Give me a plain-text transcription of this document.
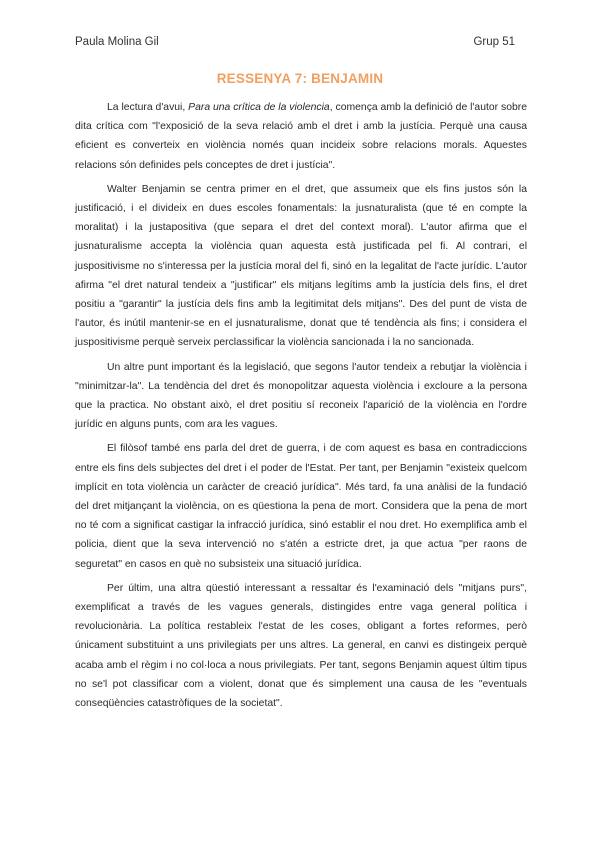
Paula Molina Gil	Grup 51
RESSENYA 7: BENJAMIN

La lectura d'avui, Para una crítica de la violencia, comença amb la definició de l'autor sobre dita crítica com "l'exposició de la seva relació amb el dret i amb la justícia. Perquè una causa eficient es converteix en violència només quan incideix sobre relacions morals. Aquestes relacions són definides pels conceptes de dret i justícia".

Walter Benjamin se centra primer en el dret, que assumeix que els fins justos són la justificació, i el divideix en dues escoles fonamentals: la jusnaturalista (que té en compte la moralitat) i la justapositiva (que separa el dret del context moral). L'autor afirma que el jusnaturalisme accepta la violència quan aquesta està justificada pel fi. Al contrari, el juspositivisme no s'interessa per la justícia moral del fi, sinó en la legalitat de l'acte jurídic. L'autor afirma "el dret natural tendeix a "justificar" els mitjans legítims amb la justícia dels fins, el dret positiu a "garantir" la justícia dels fins amb la legitimitat dels mitjans". Des del punt de vista de l'autor, és inútil mantenir-se en el jusnaturalisme, donat que té tendència als fins; i considera el juspositivisme perquè serveix perclassificar la violència sancionada i la no sancionada.

Un altre punt important és la legislació, que segons l'autor tendeix a rebutjar la violència i "minimitzar-la". La tendència del dret és monopolitzar aquesta violència i excloure a la persona que la practica. No obstant això, el dret positiu sí reconeix l'aparició de la violència en l'ordre jurídic en alguns punts, com ara les vagues.

El filòsof també ens parla del dret de guerra, i de com aquest es basa en contradiccions entre els fins dels subjectes del dret i el poder de l'Estat. Per tant, per Benjamin "existeix quelcom implícit en tota violència un caràcter de creació jurídica". Més tard, fa una anàlisi de la fundació del dret mitjançant la violència, on es qüestiona la pena de mort. Considera que la pena de mort no té com a significat castigar la infracció jurídica, sinó establir el nou dret. Ho exemplifica amb el policia, dient que la seva intervenció no s'atén a estricte dret, ja que actua "per raons de seguretat" en casos en què no subsisteix una situació jurídica.

Per últim, una altra qüestió interessant a ressaltar és l'examinació dels "mitjans purs", exemplificat a través de les vagues generals, distingides entre vaga general política i revolucionària. La política restableix l'estat de les coses, obligant a fortes reformes, però únicament substituint a uns privilegiats per uns altres. La general, en canvi es distingeix perquè acaba amb el règim i no col·loca a nous privilegiats. Per tant, segons Benjamin aquest últim tipus no se'l pot classificar com a violent, donat que és simplement una causa de les "eventuals conseqüències catastròfiques de la societat".
